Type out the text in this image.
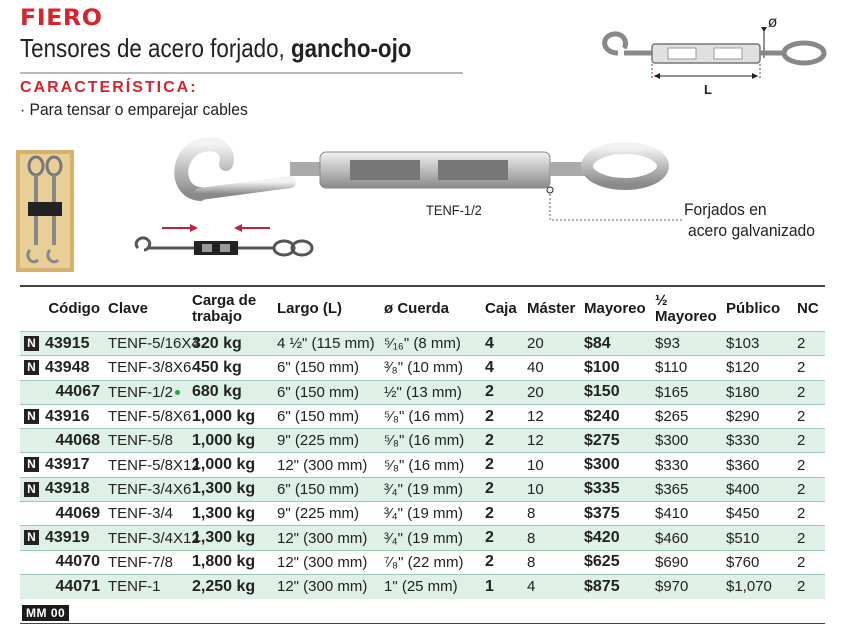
FIERO
Tensores de acero forjado, gancho-ojo
CARACTERÍSTICA:
· Para tensar o emparejar cables
ø
L
TENF-1/2	Forjados en
acero galvanizado
Código	Clave	Carga de trabajo	Largo (L)	ø Cuerda	Caja	Máster	Mayoreo	½ Mayoreo	Público	NC
N 43915	TENF-5/16X4	320 kg	4 ½" (115 mm)	⁵⁄₁₆" (8 mm)	4	20	$84	$93	$103	2
N 43948	TENF-3/8X6	450 kg	6" (150 mm)	³⁄₈" (10 mm)	4	40	$100	$110	$120	2
44067	TENF-1/2	680 kg	6" (150 mm)	½" (13 mm)	2	20	$150	$165	$180	2
N 43916	TENF-5/8X6	1,000 kg	6" (150 mm)	⁵⁄₈" (16 mm)	2	12	$240	$265	$290	2
44068	TENF-5/8	1,000 kg	9" (225 mm)	⁵⁄₈" (16 mm)	2	12	$275	$300	$330	2
N 43917	TENF-5/8X12	1,000 kg	12" (300 mm)	⁵⁄₈" (16 mm)	2	10	$300	$330	$360	2
N 43918	TENF-3/4X6	1,300 kg	6" (150 mm)	³⁄₄" (19 mm)	2	10	$335	$365	$400	2
44069	TENF-3/4	1,300 kg	9" (225 mm)	³⁄₄" (19 mm)	2	8	$375	$410	$450	2
N 43919	TENF-3/4X12	1,300 kg	12" (300 mm)	³⁄₄" (19 mm)	2	8	$420	$460	$510	2
44070	TENF-7/8	1,800 kg	12" (300 mm)	⁷⁄₈" (22 mm)	2	8	$625	$690	$760	2
44071	TENF-1	2,250 kg	12" (300 mm)	1" (25 mm)	1	4	$875	$970	$1,070	2
MM 00
